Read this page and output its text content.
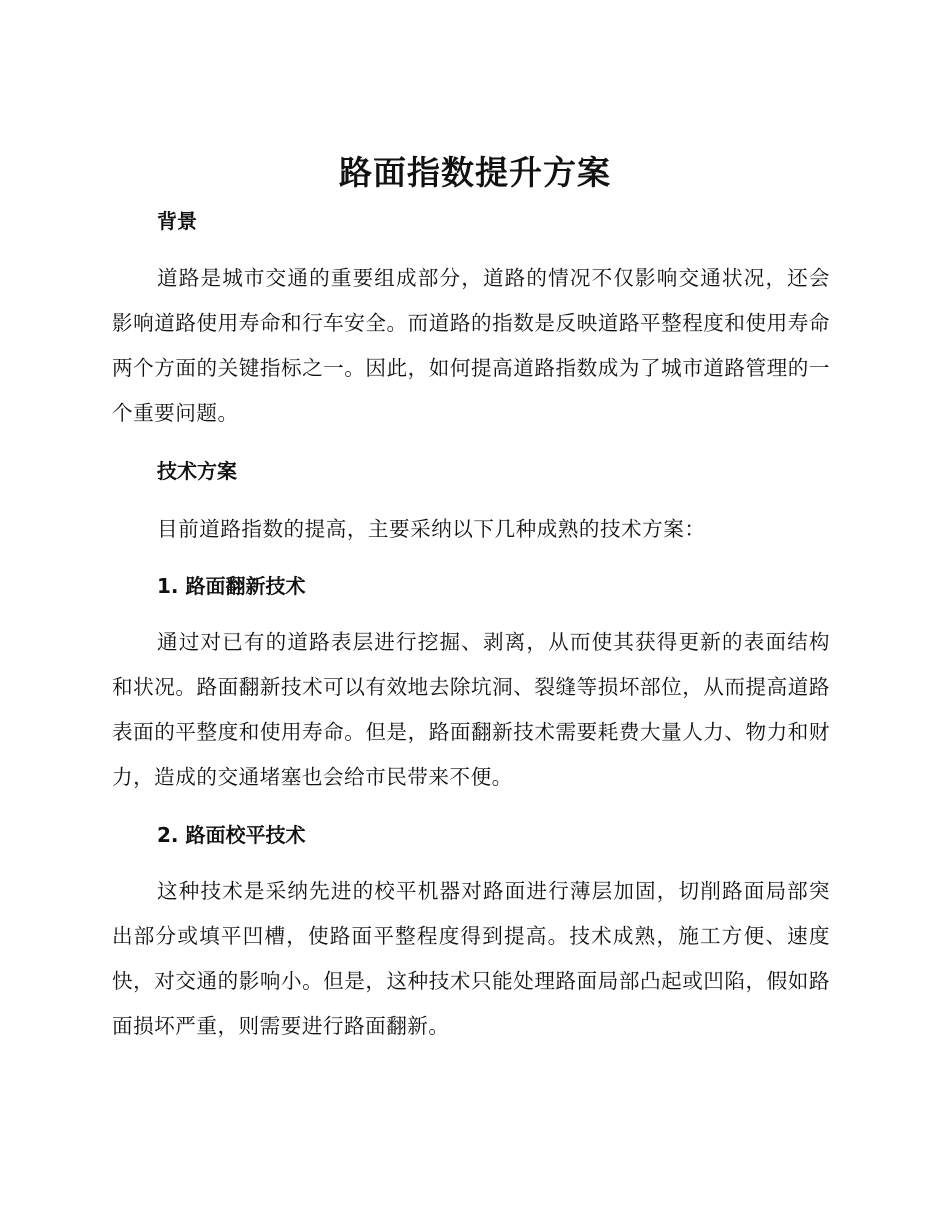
路面指数提升方案
背景

道路是城市交通的重要组成部分，道路的情况不仅影响交通状况，还会影响道路使用寿命和行车安全。而道路的指数是反映道路平整程度和使用寿命两个方面的关键指标之一。因此，如何提高道路指数成为了城市道路管理的一个重要问题。

技术方案
目前道路指数的提高，主要采纳以下几种成熟的技术方案：
1. 路面翻新技术

通过对已有的道路表层进行挖掘、剥离，从而使其获得更新的表面结构和状况。路面翻新技术可以有效地去除坑洞、裂缝等损坏部位，从而提高道路表面的平整度和使用寿命。但是，路面翻新技术需要耗费大量人力、物力和财力，造成的交通堵塞也会给市民带来不便。

2. 路面校平技术

这种技术是采纳先进的校平机器对路面进行薄层加固，切削路面局部突出部分或填平凹槽，使路面平整程度得到提高。技术成熟，施工方便、速度快，对交通的影响小。但是，这种技术只能处理路面局部凸起或凹陷，假如路面损坏严重，则需要进行路面翻新。
